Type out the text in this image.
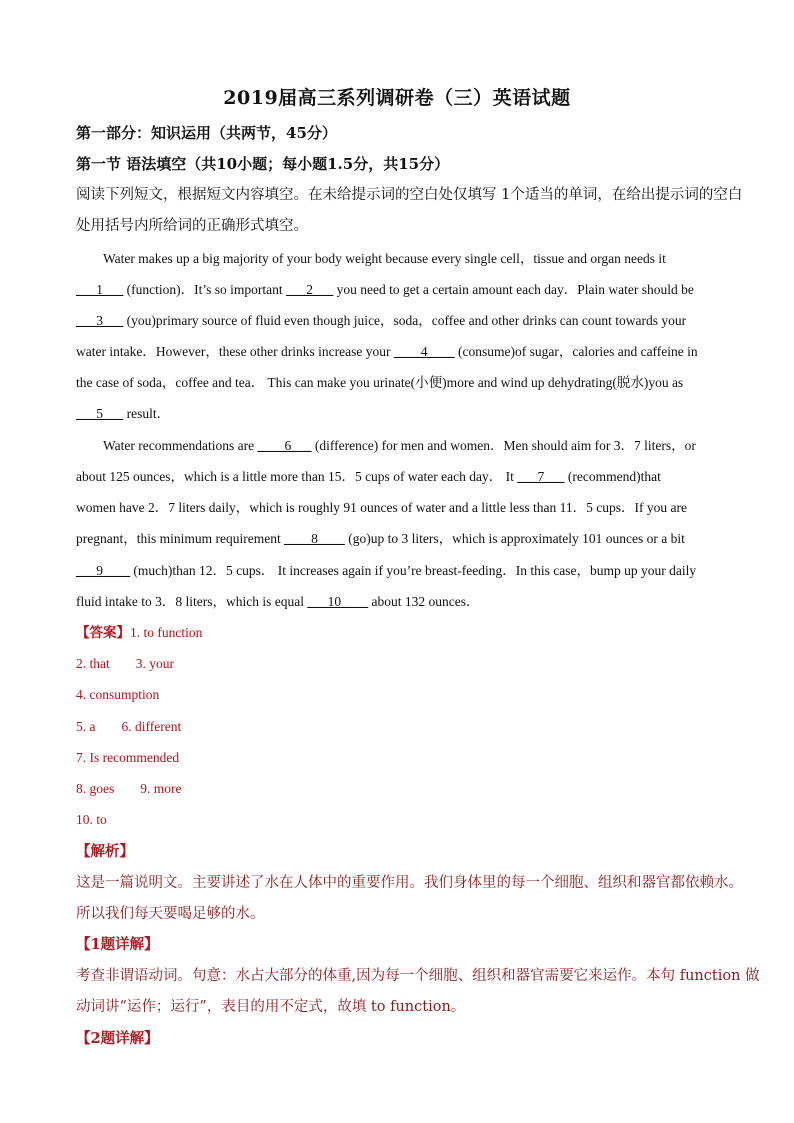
2019届高三系列调研卷（三）英语试题
第一部分：知识运用（共两节，45分）
第一节 语法填空（共10小题；每小题1.5分，共15分）
阅读下列短文，根据短文内容填空。在未给提示词的空白处仅填写 1个适当的单词，在给出提示词的空白
处用括号内所给词的正确形式填空。
Water makes up a big majority of your body weight because every single cell，tissue and organ needs it
___1___ (function)．It’s so important ___2___ you need to get a certain amount each day．Plain water should be
___3___ (you)primary source of fluid even though juice，soda，coffee and other drinks can count towards your
water intake．However，these other drinks increase your ____4____ (consume)of sugar，calories and caffeine in
the case of soda，coffee and tea． This can make you urinate(小便)more and wind up dehydrating(脱水)you as
___5___ result．
Water recommendations are ____6___ (difference) for men and women．Men should aim for 3．7 liters，or
about 125 ounces，which is a little more than 15．5 cups of water each day． It ___7___ (recommend)that
women have 2．7 liters daily，which is roughly 91 ounces of water and a little less than 11．5 cups．If you are
pregnant，this minimum requirement ____8____ (go)up to 3 liters，which is approximately 101 ounces or a bit
___9____ (much)than 12．5 cups． It increases again if you’re breast-feeding．In this case，bump up your daily
fluid intake to 3．8 liters，which is equal ___10____ about 132 ounces．
【答案】1. to function
2. that 3. your
4. consumption
5. a 6. different
7. Is recommended
8. goes 9. more
10. to
【解析】
这是一篇说明文。主要讲述了水在人体中的重要作用。我们身体里的每一个细胞、组织和器官都依赖水。
所以我们每天要喝足够的水。
【1题详解】
考查非谓语动词。句意：水占大部分的体重,因为每一个细胞、组织和器官需要它来运作。本句 function 做
动词讲“运作；运行”，表目的用不定式，故填 to function。
【2题详解】
